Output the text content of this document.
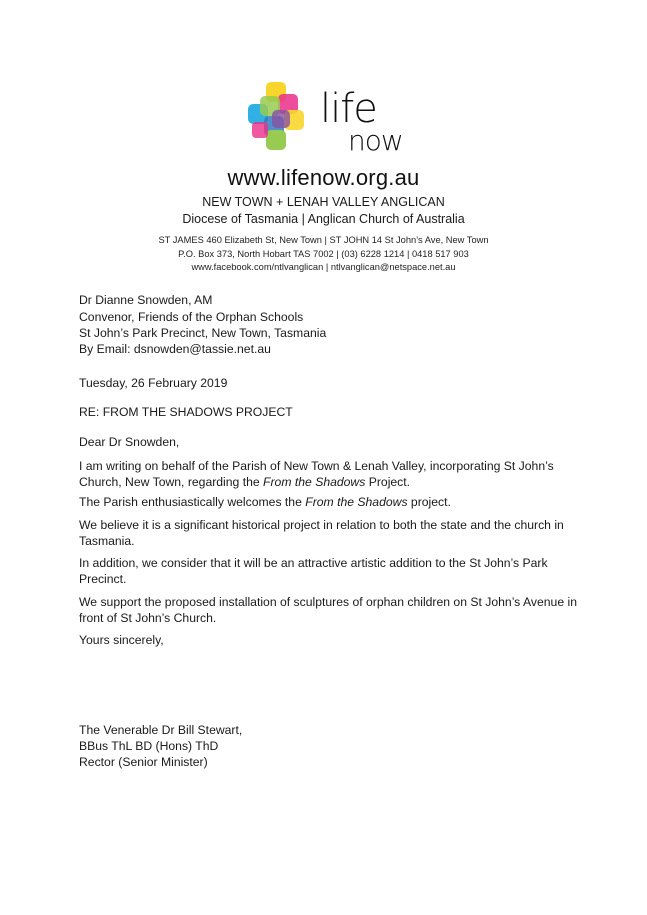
life
now
www.lifenow.org.au
NEW TOWN + LENAH VALLEY ANGLICAN
Diocese of Tasmania | Anglican Church of Australia
ST JAMES 460 Elizabeth St, New Town | ST JOHN 14 St John’s Ave, New Town
P.O. Box 373, North Hobart TAS 7002 | (03) 6228 1214 | 0418 517 903
www.facebook.com/ntlvanglican | ntlvanglican@netspace.net.au
Dr Dianne Snowden, AM
Convenor, Friends of the Orphan Schools
St John’s Park Precinct, New Town, Tasmania
By Email: dsnowden@tassie.net.au
Tuesday, 26 February 2019
RE: FROM THE SHADOWS PROJECT
Dear Dr Snowden,
I am writing on behalf of the Parish of New Town & Lenah Valley, incorporating St John’s Church, New Town, regarding the From the Shadows Project.
The Parish enthusiastically welcomes the From the Shadows project.
We believe it is a significant historical project in relation to both the state and the church in Tasmania.
In addition, we consider that it will be an attractive artistic addition to the St John’s Park Precinct.
We support the proposed installation of sculptures of orphan children on St John’s Avenue in front of St John’s Church.
Yours sincerely,
The Venerable Dr Bill Stewart,
BBus ThL BD (Hons) ThD
Rector (Senior Minister)
